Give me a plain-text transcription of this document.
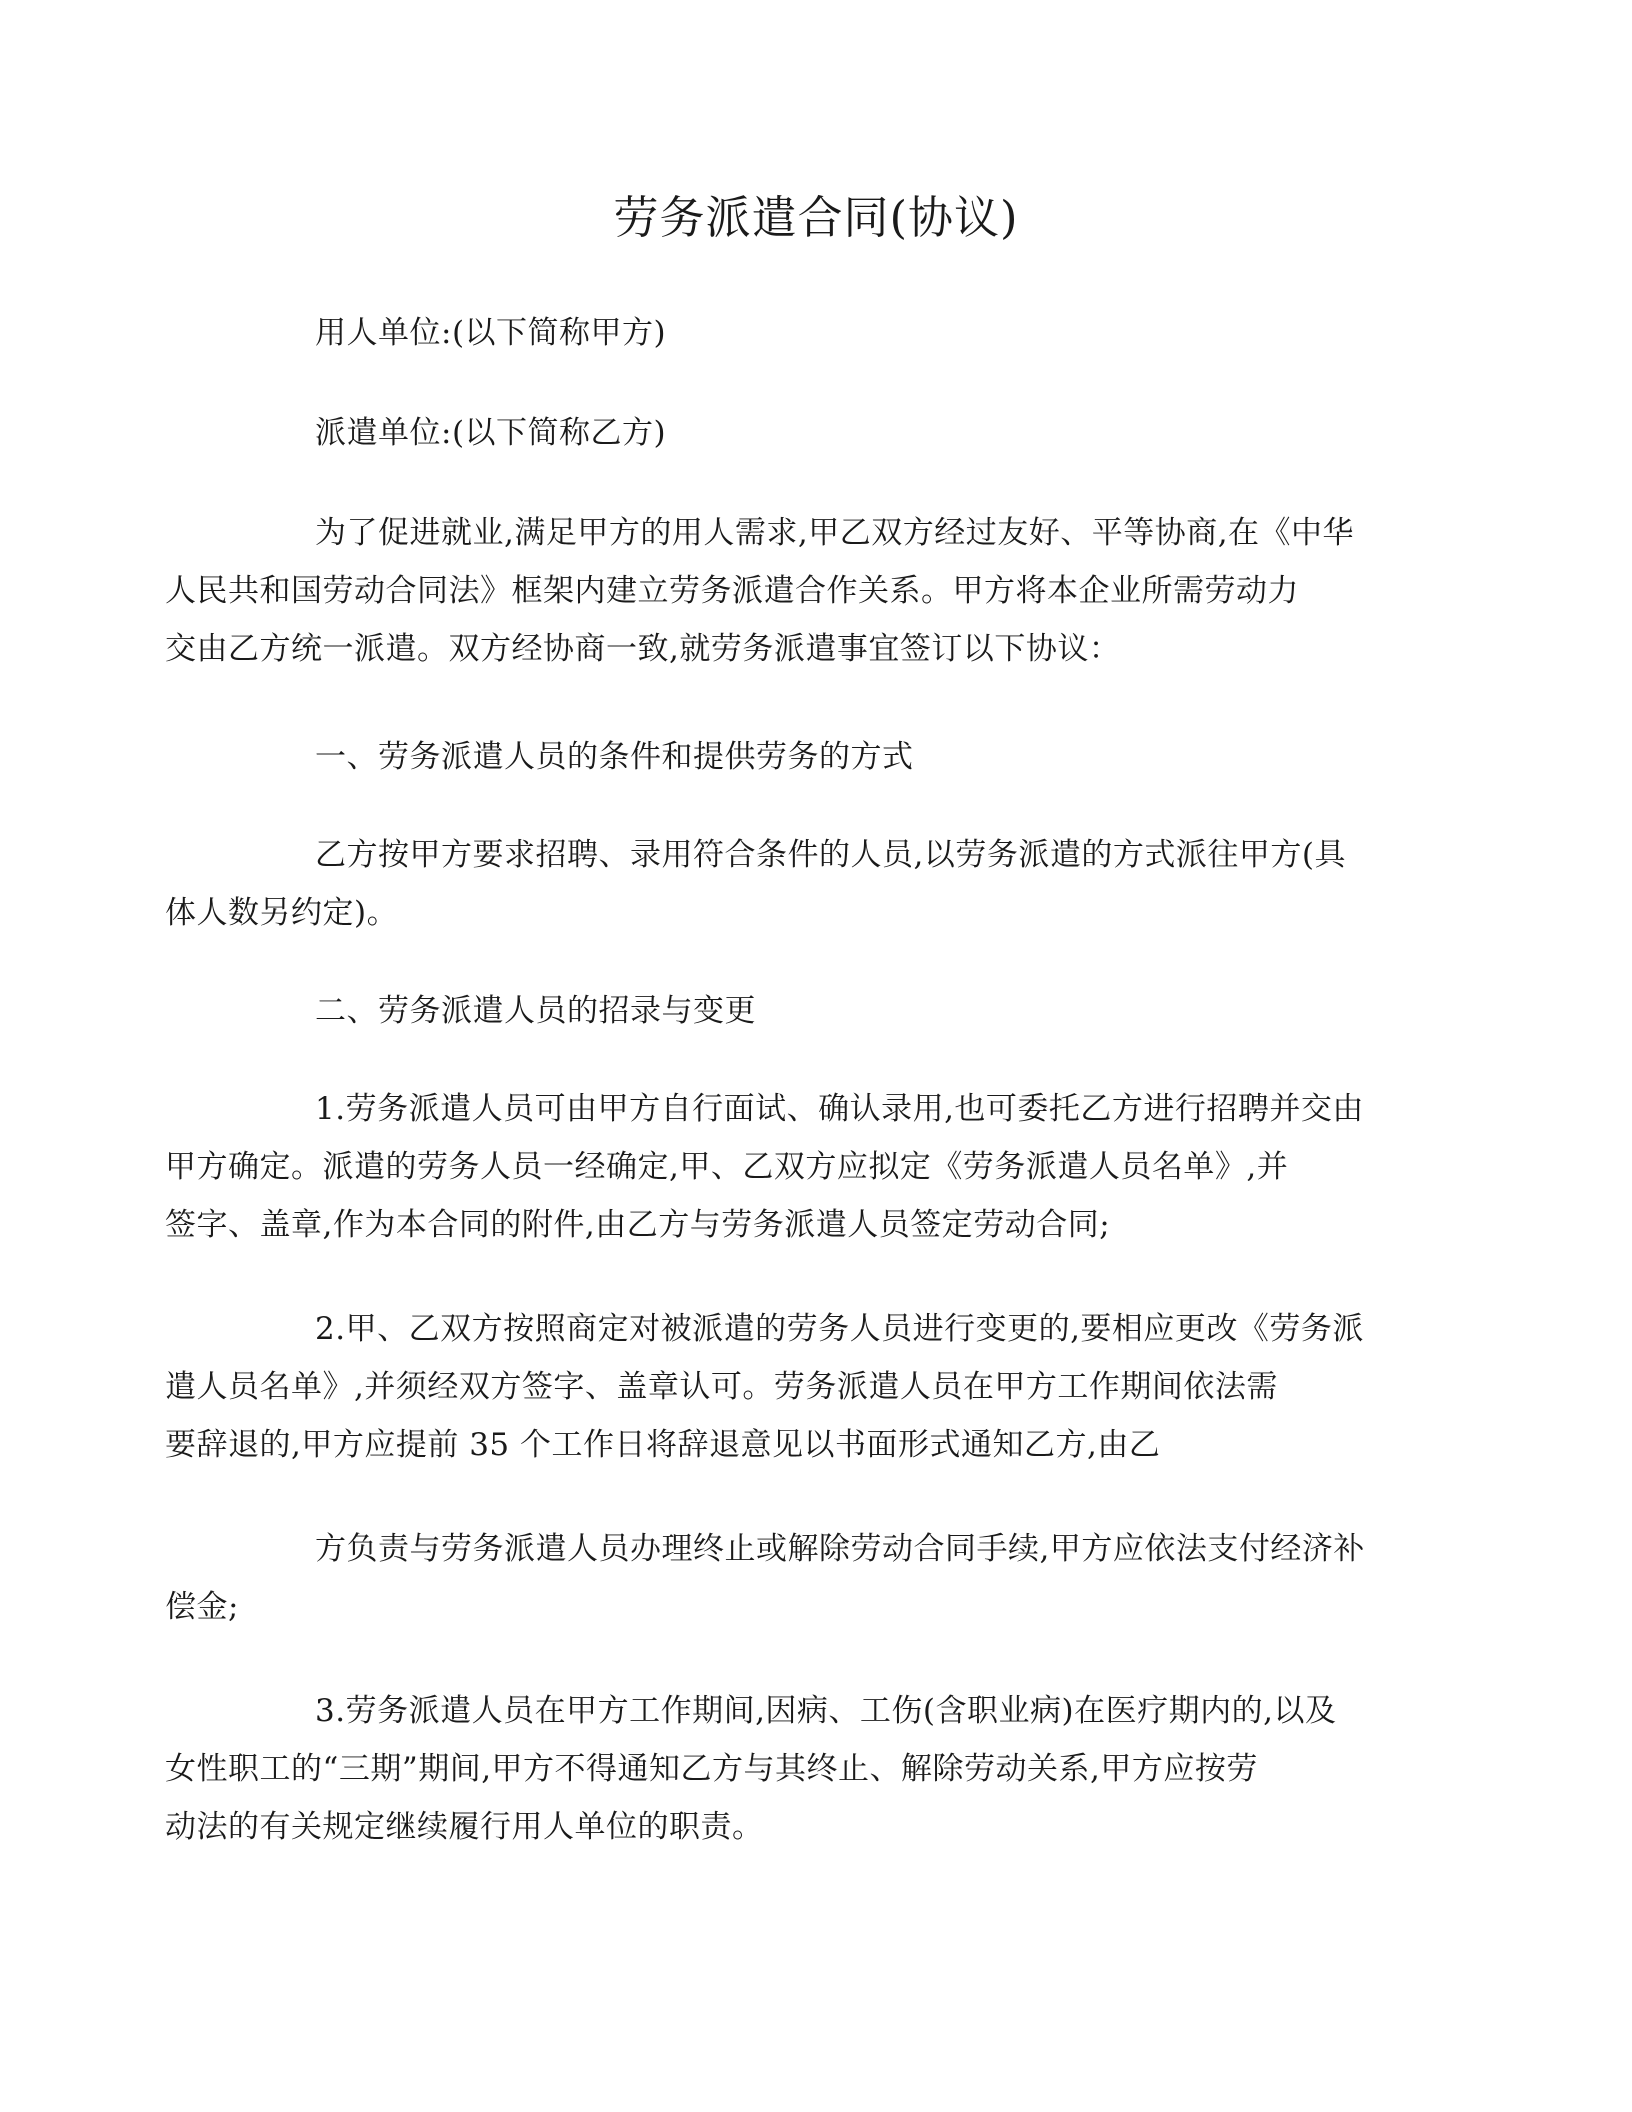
劳务派遣合同(协议)

用人单位:(以下简称甲方)

派遣单位:(以下简称乙方)

为了促进就业,满足甲方的用人需求,甲乙双方经过友好、平等协商,在《中华
人民共和国劳动合同法》框架内建立劳务派遣合作关系。甲方将本企业所需劳动力
交由乙方统一派遣。双方经协商一致,就劳务派遣事宜签订以下协议：

一、劳务派遣人员的条件和提供劳务的方式

乙方按甲方要求招聘、录用符合条件的人员,以劳务派遣的方式派往甲方(具
体人数另约定)。

二、劳务派遣人员的招录与变更

1.劳务派遣人员可由甲方自行面试、确认录用,也可委托乙方进行招聘并交由
甲方确定。派遣的劳务人员一经确定,甲、乙双方应拟定《劳务派遣人员名单》,并
签字、盖章,作为本合同的附件,由乙方与劳务派遣人员签定劳动合同;

2.甲、乙双方按照商定对被派遣的劳务人员进行变更的,要相应更改《劳务派
遣人员名单》,并须经双方签字、盖章认可。劳务派遣人员在甲方工作期间依法需
要辞退的,甲方应提前 35 个工作日将辞退意见以书面形式通知乙方,由乙

方负责与劳务派遣人员办理终止或解除劳动合同手续,甲方应依法支付经济补
偿金;

3.劳务派遣人员在甲方工作期间,因病、工伤(含职业病)在医疗期内的,以及
女性职工的“三期”期间,甲方不得通知乙方与其终止、解除劳动关系,甲方应按劳
动法的有关规定继续履行用人单位的职责。
